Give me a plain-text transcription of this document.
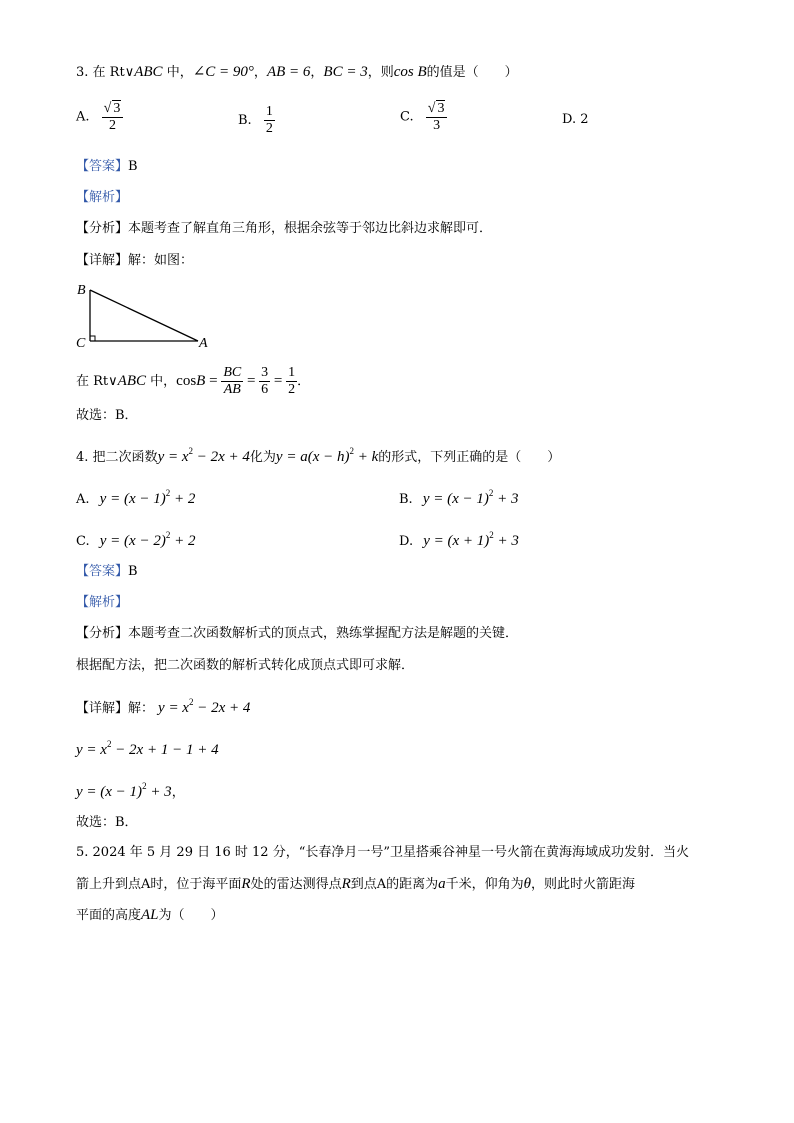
3. 在 Rt∨ABC 中，∠C = 90°，AB = 6，BC = 3，则cos B的值是（　　）
A. $\frac{√ 3}{2}$	B. $\frac{1}{2}$	C. $\frac{√ 3}{3}$	D. 2
【答案】B
【解析】
【分析】本题考查了解直角三角形，根据余弦等于邻边比斜边求解即可．
【详解】解：如图：
B
C	A
在 Rt∨ABC 中，$\cos B = \frac{BC}{AB} = \frac{3}{6} = \frac{1}{2}$ ．
故选：B．
4. 把二次函数$y = x^2 - 2x + 4$化为$y = a(x - h)^2 + k$的形式，下列正确的是（　　）
A. $y = (x - 1)^2 + 2$	B. $y = (x - 1)^2 + 3$
C. $y = (x - 2)^2 + 2$	D. $y = (x + 1)^2 + 3$
【答案】B
【解析】
【分析】本题考查二次函数解析式的顶点式，熟练掌握配方法是解题的关键．
根据配方法，把二次函数的解析式转化成顶点式即可求解．
【详解】解： $y = x^2 - 2x + 4$
$y = x^2 - 2x + 1 - 1 + 4$
$y = (x - 1)^2 + 3$，
故选：B．
5. 2024 年 5 月 29 日 16 时 12 分，“长春净月一号”卫星搭乘谷神星一号火箭在黄海海域成功发射．当火
箭上升到点A时，位于海平面R处的雷达测得点R到点A的距离为a千米，仰角为θ，则此时火箭距海
平面的高度AL为（　　）
